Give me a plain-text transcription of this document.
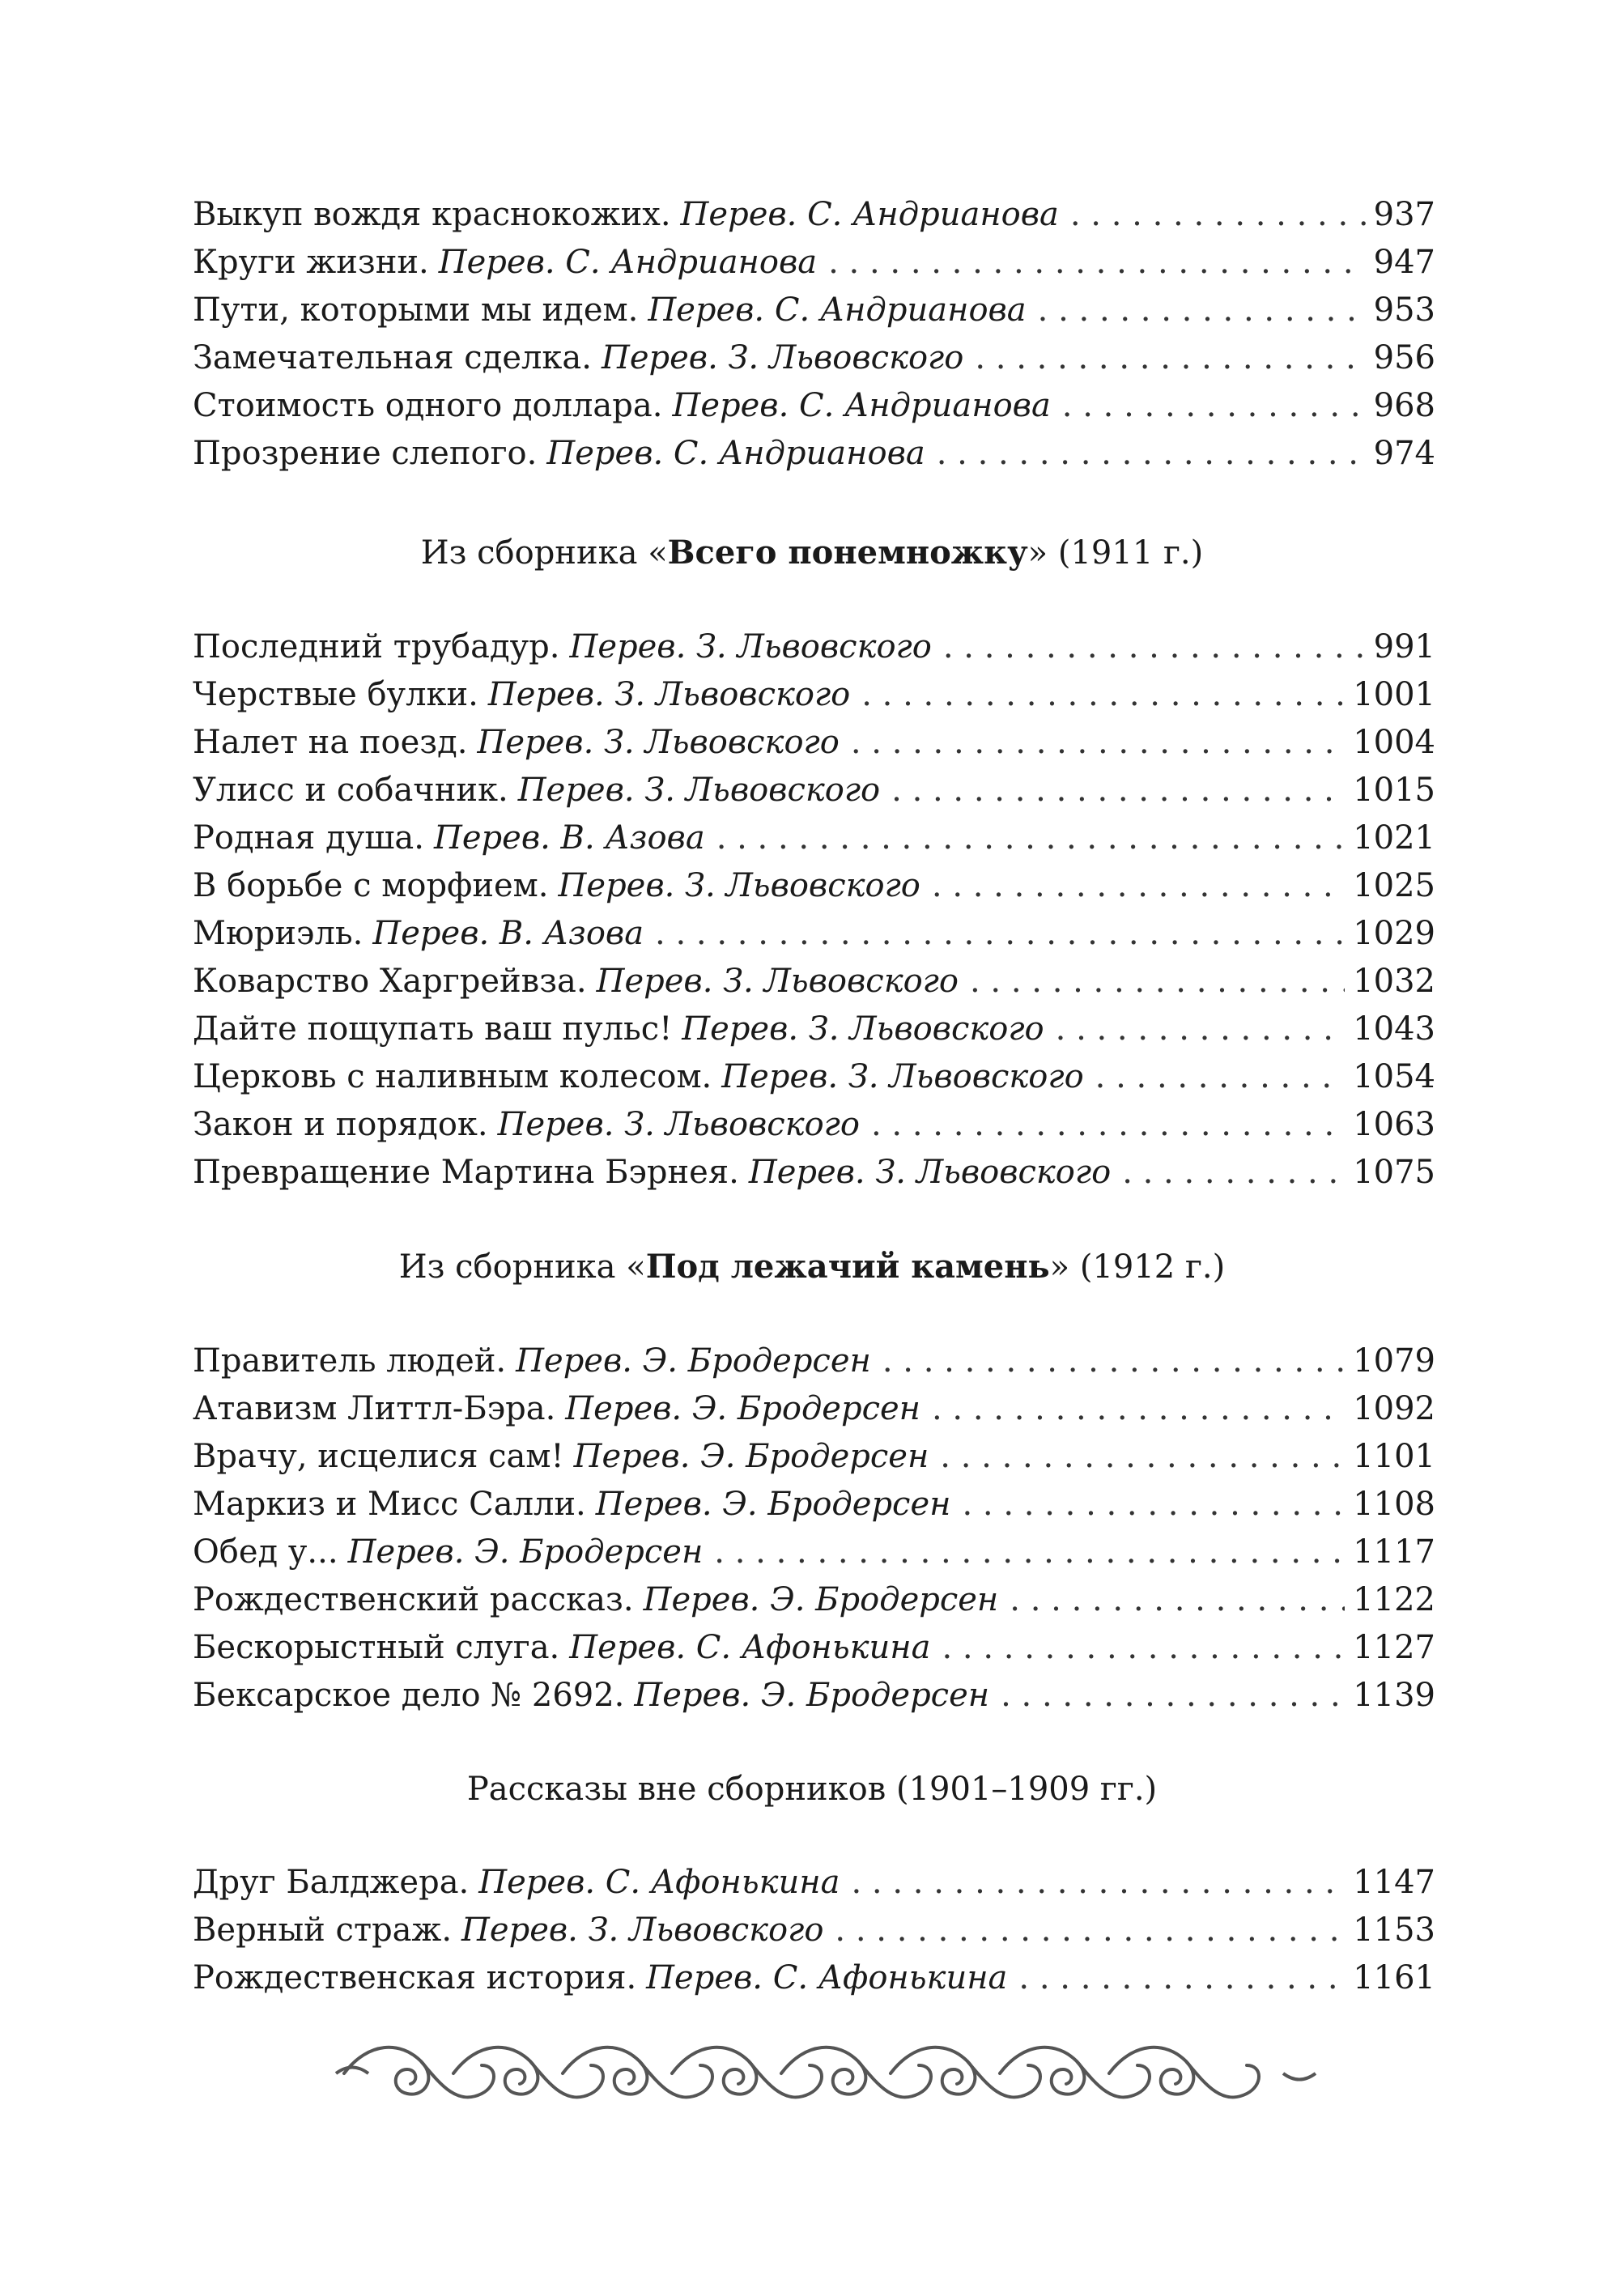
Выкуп вождя краснокожих. Перев. С. Андрианова . . .	937
Круги жизни. Перев. С. Андрианова . . .	947
Пути, которыми мы идем. Перев. С. Андрианова . . .	953
Замечательная сделка. Перев. З. Львовского . . .	956
Стоимость одного доллара. Перев. С. Андрианова . . .	968
Прозрение слепого. Перев. С. Андрианова . . .	974
Из сборника «Всего понемножку» (1911 г.)
Последний трубадур. Перев. З. Львовского . . .	991
Черствые булки. Перев. З. Львовского . . .	1001
Налет на поезд. Перев. З. Львовского . . .	1004
Улисс и собачник. Перев. З. Львовского . . .	1015
Родная душа. Перев. В. Азова . . .	1021
В борьбе с морфием. Перев. З. Львовского . . .	1025
Мюриэль. Перев. В. Азова . . .	1029
Коварство Харгрейвза. Перев. З. Львовского . . .	1032
Дайте пощупать ваш пульс! Перев. З. Львовского . . .	1043
Церковь с наливным колесом. Перев. З. Львовского . . .	1054
Закон и порядок. Перев. З. Львовского . . .	1063
Превращение Мартина Бэрнея. Перев. З. Львовского . . .	1075
Из сборника «Под лежачий камень» (1912 г.)
Правитель людей. Перев. Э. Бродерсен . . .	1079
Атавизм Литтл-Бэра. Перев. Э. Бродерсен . . .	1092
Врачу, исцелися сам! Перев. Э. Бродерсен . . .	1101
Маркиз и Мисс Салли. Перев. Э. Бродерсен . . .	1108
Обед у... Перев. Э. Бродерсен . . .	1117
Рождественский рассказ. Перев. Э. Бродерсен . . .	1122
Бескорыстный слуга. Перев. С. Афонькина . . .	1127
Бексарское дело № 2692. Перев. Э. Бродерсен . . .	1139
Рассказы вне сборников (1901–1909 гг.)
Друг Балджера. Перев. С. Афонькина . . .	1147
Верный страж. Перев. З. Львовского . . .	1153
Рождественская история. Перев. С. Афонькина . . .	1161
